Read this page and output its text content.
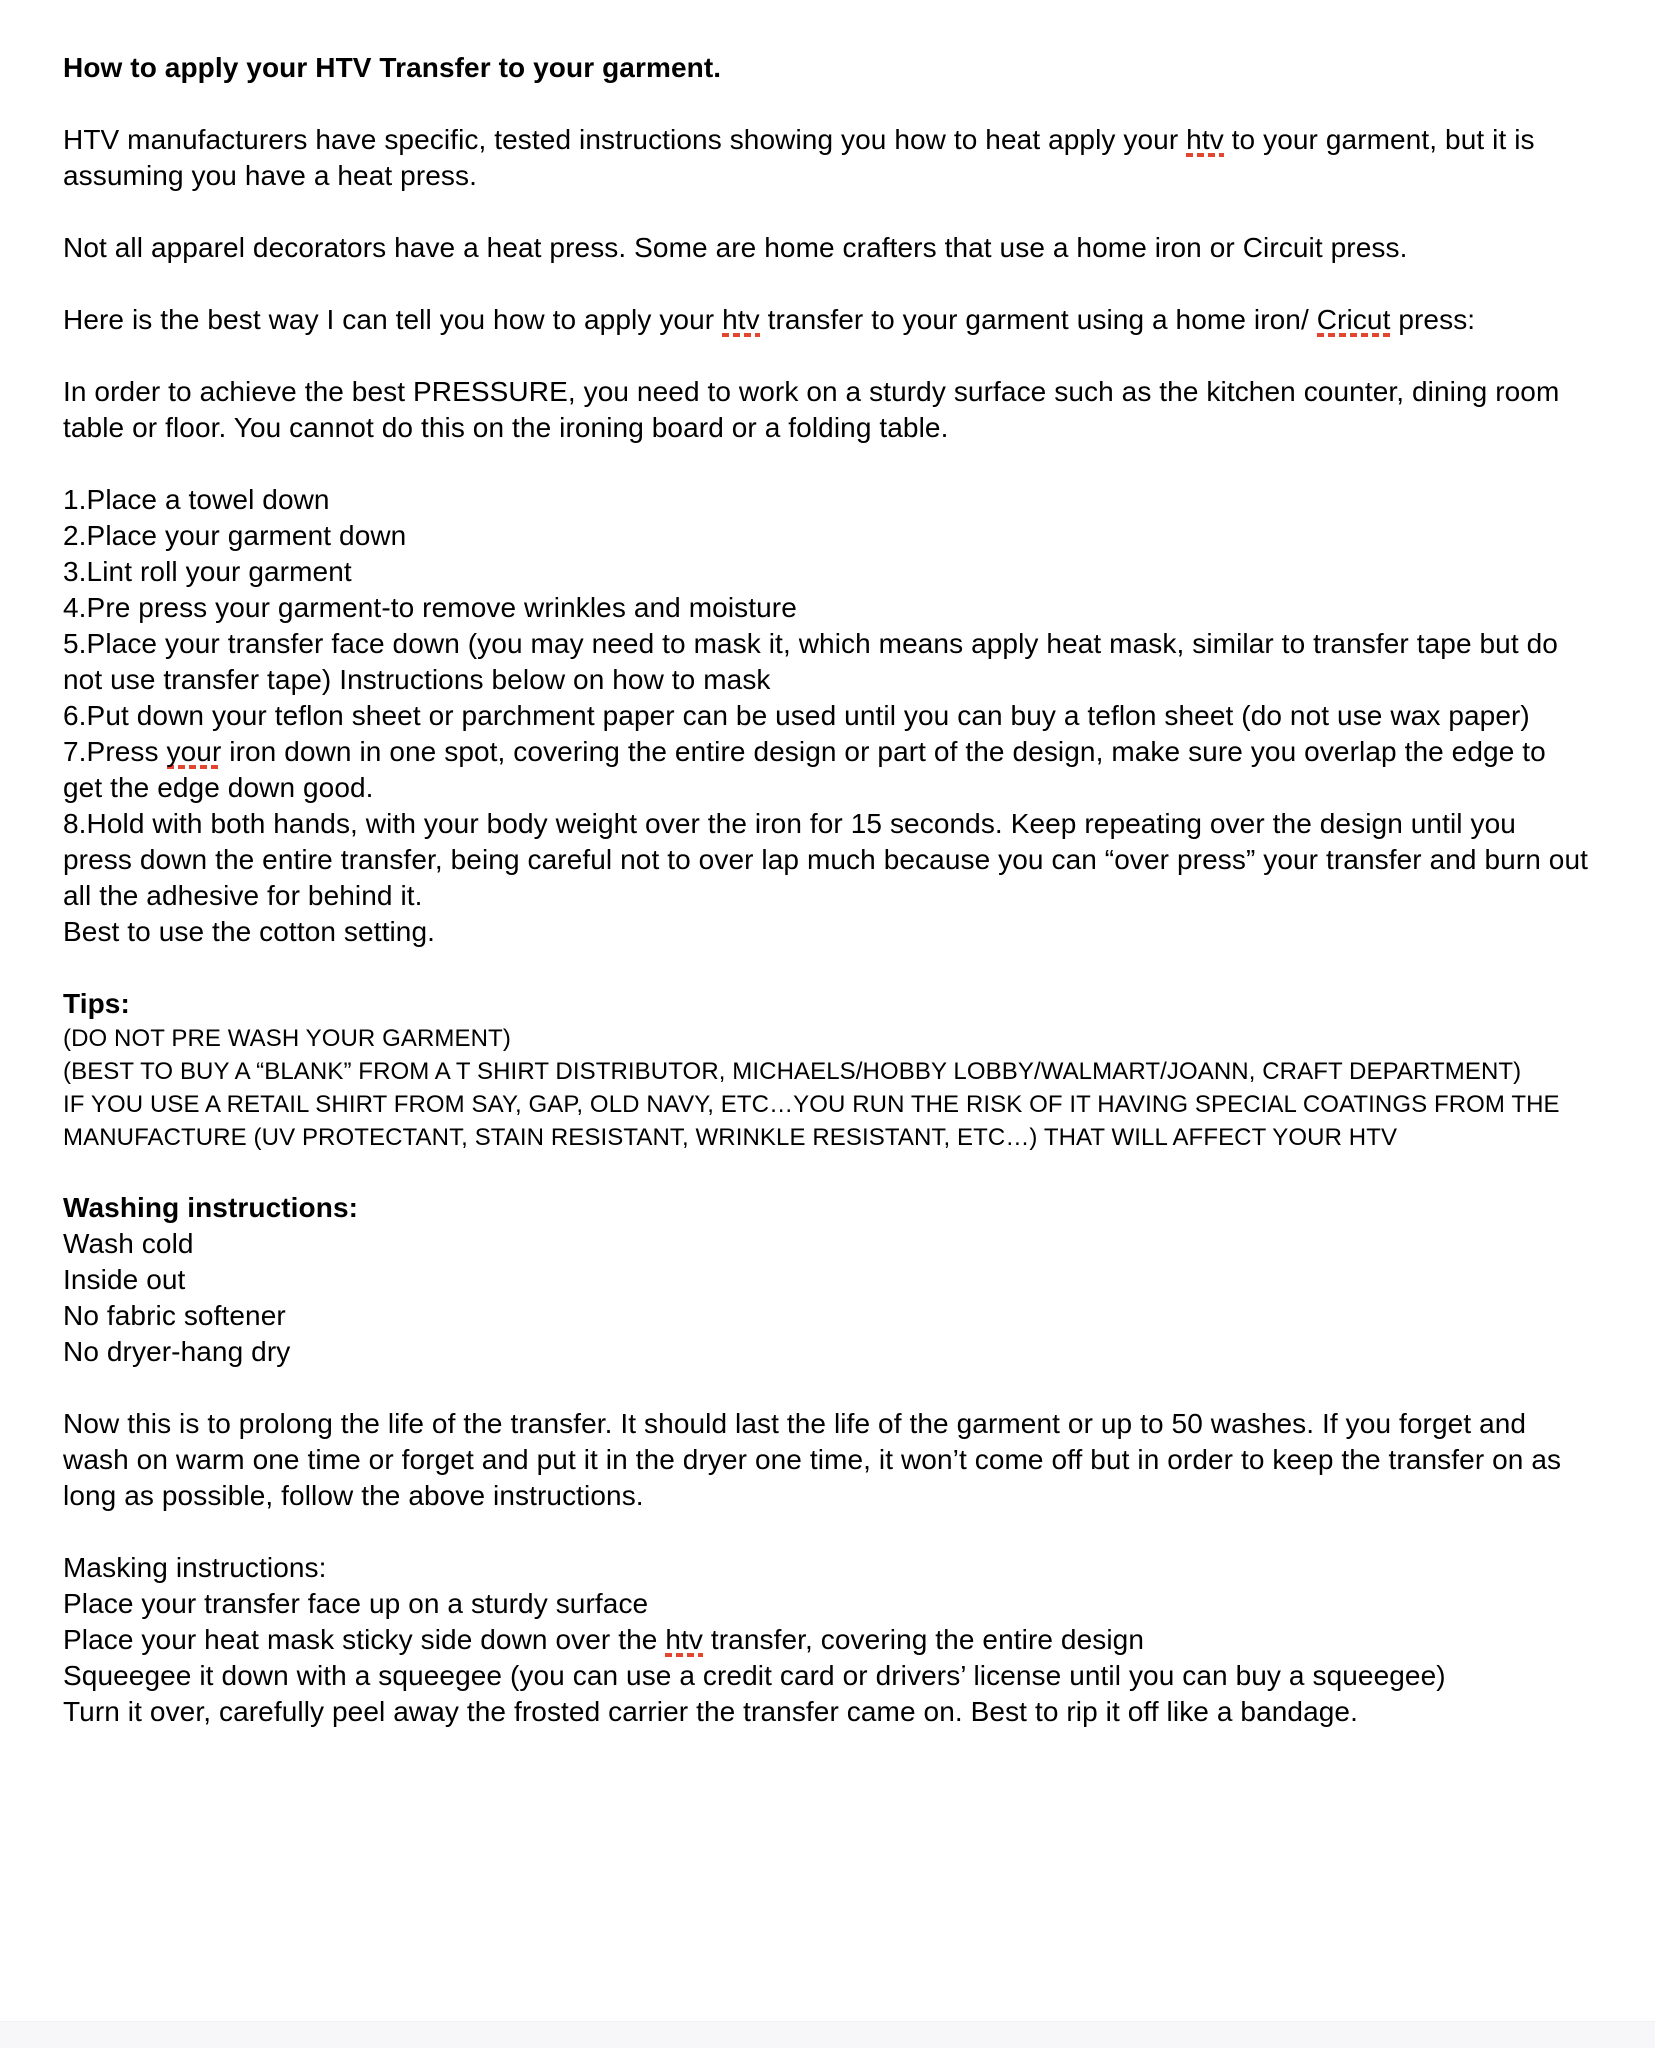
How to apply your HTV Transfer to your garment.

HTV manufacturers have specific, tested instructions showing you how to heat apply your htv to your garment, but it is assuming you have a heat press.

Not all apparel decorators have a heat press. Some are home crafters that use a home iron or Circuit press.

Here is the best way I can tell you how to apply your htv transfer to your garment using a home iron/ Cricut press:

In order to achieve the best PRESSURE, you need to work on a sturdy surface such as the kitchen counter, dining room table or floor. You cannot do this on the ironing board or a folding table.

1.Place a towel down
2.Place your garment down
3.Lint roll your garment
4.Pre press your garment-to remove wrinkles and moisture
5.Place your transfer face down (you may need to mask it, which means apply heat mask, similar to transfer tape but do not use transfer tape) Instructions below on how to mask
6.Put down your teflon sheet or parchment paper can be used until you can buy a teflon sheet (do not use wax paper)
7.Press your iron down in one spot, covering the entire design or part of the design, make sure you overlap the edge to get the edge down good.
8.Hold with both hands, with your body weight over the iron for 15 seconds. Keep repeating over the design until you press down the entire transfer, being careful not to over lap much because you can “over press” your transfer and burn out all the adhesive for behind it.
Best to use the cotton setting.
Tips:
(DO NOT PRE WASH YOUR GARMENT)
(BEST TO BUY A “BLANK” FROM A T SHIRT DISTRIBUTOR, MICHAELS/HOBBY LOBBY/WALMART/JOANN, CRAFT DEPARTMENT)
IF YOU USE A RETAIL SHIRT FROM SAY, GAP, OLD NAVY, ETC…YOU RUN THE RISK OF IT HAVING SPECIAL COATINGS FROM THE MANUFACTURE (UV PROTECTANT, STAIN RESISTANT, WRINKLE RESISTANT, ETC…) THAT WILL AFFECT YOUR HTV
Washing instructions:
Wash cold
Inside out
No fabric softener
No dryer-hang dry

Now this is to prolong the life of the transfer. It should last the life of the garment or up to 50 washes. If you forget and wash on warm one time or forget and put it in the dryer one time, it won’t come off but in order to keep the transfer on as long as possible, follow the above instructions.

Masking instructions:
Place your transfer face up on a sturdy surface
Place your heat mask sticky side down over the htv transfer, covering the entire design
Squeegee it down with a squeegee (you can use a credit card or drivers’ license until you can buy a squeegee)
Turn it over, carefully peel away the frosted carrier the transfer came on. Best to rip it off like a bandage.
